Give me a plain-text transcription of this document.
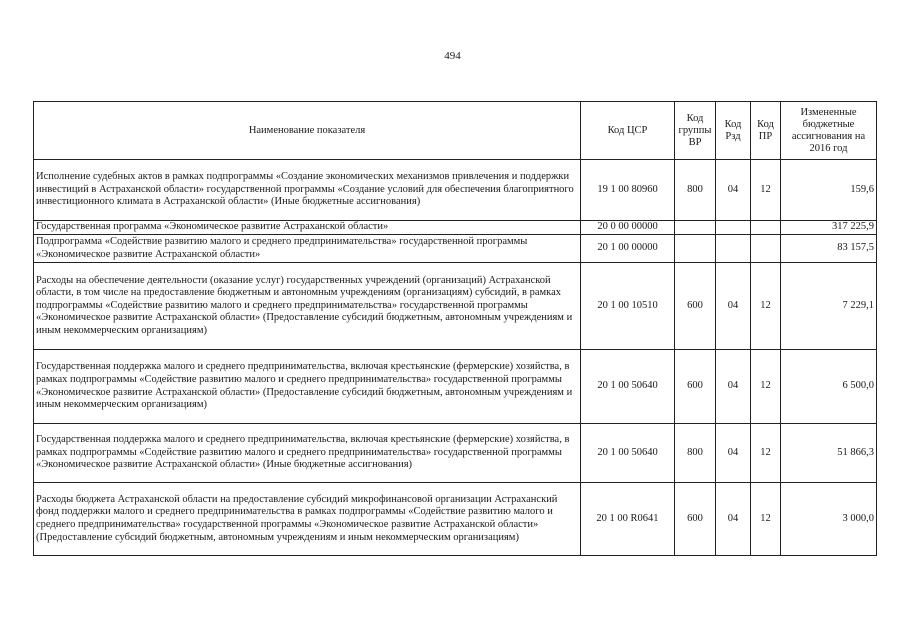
494
Наименование показателя	Код ЦСР	Код группы ВР	Код Рзд	Код ПР	Измененные бюджетные ассигнования на 2016 год
Исполнение судебных актов в рамках подпрограммы «Создание экономических механизмов привлечения и поддержки инвестиций в Астраханской области» государственной программы «Создание условий для обеспечения благоприятного инвестиционного климата в Астраханской области» (Иные бюджетные ассигнования)	19 1 00 80960	800	04	12	159,6
Государственная программа «Экономическое развитие Астраханской области»	20 0 00 00000				317 225,9
Подпрограмма «Содействие развитию малого и среднего предпринимательства» государственной программы «Экономическое развитие Астраханской области»	20 1 00 00000				83 157,5
Расходы на обеспечение деятельности (оказание услуг) государственных учреждений (организаций) Астраханской области, в том числе на предоставление бюджетным и автономным учреждениям (организациям) субсидий, в рамках подпрограммы «Содействие развитию малого и среднего предпринимательства» государственной программы «Экономическое развитие Астраханской области» (Предоставление субсидий бюджетным, автономным учреждениям и иным некоммерческим организациям)	20 1 00 10510	600	04	12	7 229,1
Государственная поддержка малого и среднего предпринимательства, включая крестьянские (фермерские) хозяйства, в рамках подпрограммы «Содействие развитию малого и среднего предпринимательства» государственной программы «Экономическое развитие Астраханской области» (Предоставление субсидий бюджетным, автономным учреждениям и иным некоммерческим организациям)	20 1 00 50640	600	04	12	6 500,0
Государственная поддержка малого и среднего предпринимательства, включая крестьянские (фермерские) хозяйства, в рамках подпрограммы «Содействие развитию малого и среднего предпринимательства» государственной программы «Экономическое развитие Астраханской области» (Иные бюджетные ассигнования)	20 1 00 50640	800	04	12	51 866,3
Расходы бюджета Астраханской области на предоставление субсидий микрофинансовой организации Астраханский фонд поддержки малого и среднего предпринимательства в рамках подпрограммы «Содействие развитию малого и среднего предпринимательства» государственной программы «Экономическое развитие Астраханской области» (Предоставление субсидий бюджетным, автономным учреждениям и иным некоммерческим организациям)	20 1 00 R0641	600	04	12	3 000,0
